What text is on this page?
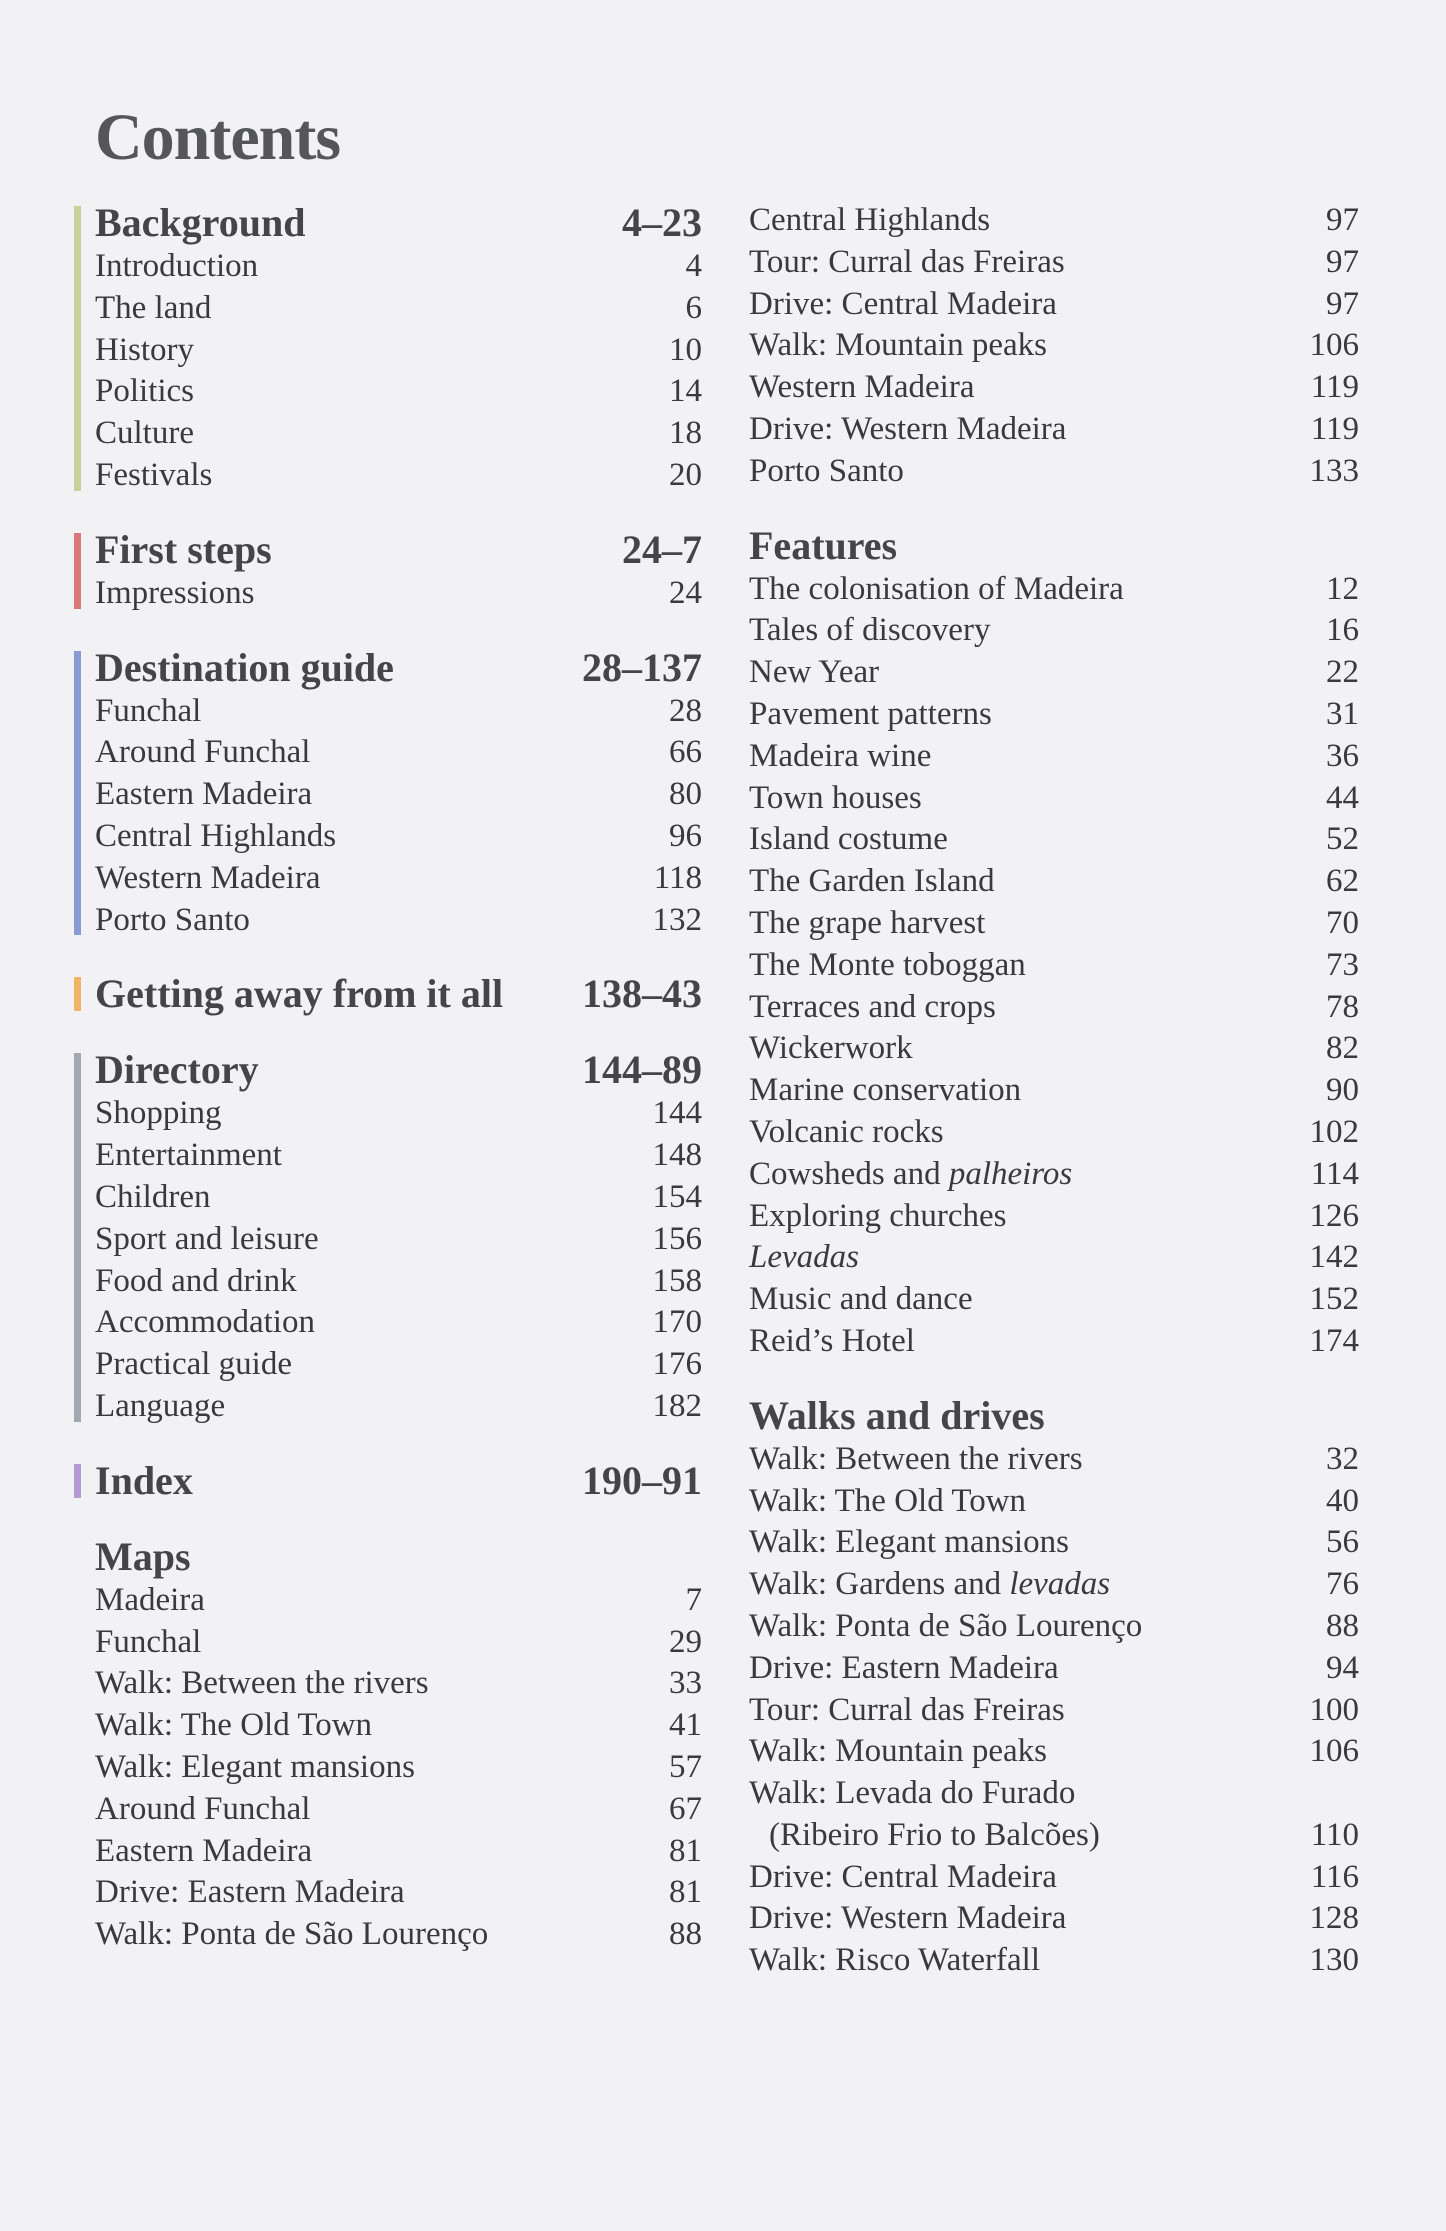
Contents
Background	4–23
Introduction	4
The land	6
History	10
Politics	14
Culture	18
Festivals	20
First steps	24–7
Impressions	24
Destination guide	28–137
Funchal	28
Around Funchal	66
Eastern Madeira	80
Central Highlands	96
Western Madeira	118
Porto Santo	132
Getting away from it all 138–43
Directory	144–89
Shopping	144
Entertainment	148
Children	154
Sport and leisure	156
Food and drink	158
Accommodation	170
Practical guide	176
Language	182
Index	190–91
Maps
Madeira	7
Funchal	29
Walk: Between the rivers	33
Walk: The Old Town	41
Walk: Elegant mansions	57
Around Funchal	67
Eastern Madeira	81
Drive: Eastern Madeira	81
Walk: Ponta de São Lourenço	88
Central Highlands	97
Tour: Curral das Freiras	97
Drive: Central Madeira	97
Walk: Mountain peaks	106
Western Madeira	119
Drive: Western Madeira	119
Porto Santo	133
Features
The colonisation of Madeira	12
Tales of discovery	16
New Year	22
Pavement patterns	31
Madeira wine	36
Town houses	44
Island costume	52
The Garden Island	62
The grape harvest	70
The Monte toboggan	73
Terraces and crops	78
Wickerwork	82
Marine conservation	90
Volcanic rocks	102
Cowsheds and palheiros	114
Exploring churches	126
Levadas	142
Music and dance	152
Reid’s Hotel	174
Walks and drives
Walk: Between the rivers	32
Walk: The Old Town	40
Walk: Elegant mansions	56
Walk: Gardens and levadas	76
Walk: Ponta de São Lourenço	88
Drive: Eastern Madeira	94
Tour: Curral das Freiras	100
Walk: Mountain peaks	106
Walk: Levada do Furado
(Ribeiro Frio to Balcões)	110
Drive: Central Madeira	116
Drive: Western Madeira	128
Walk: Risco Waterfall	130
